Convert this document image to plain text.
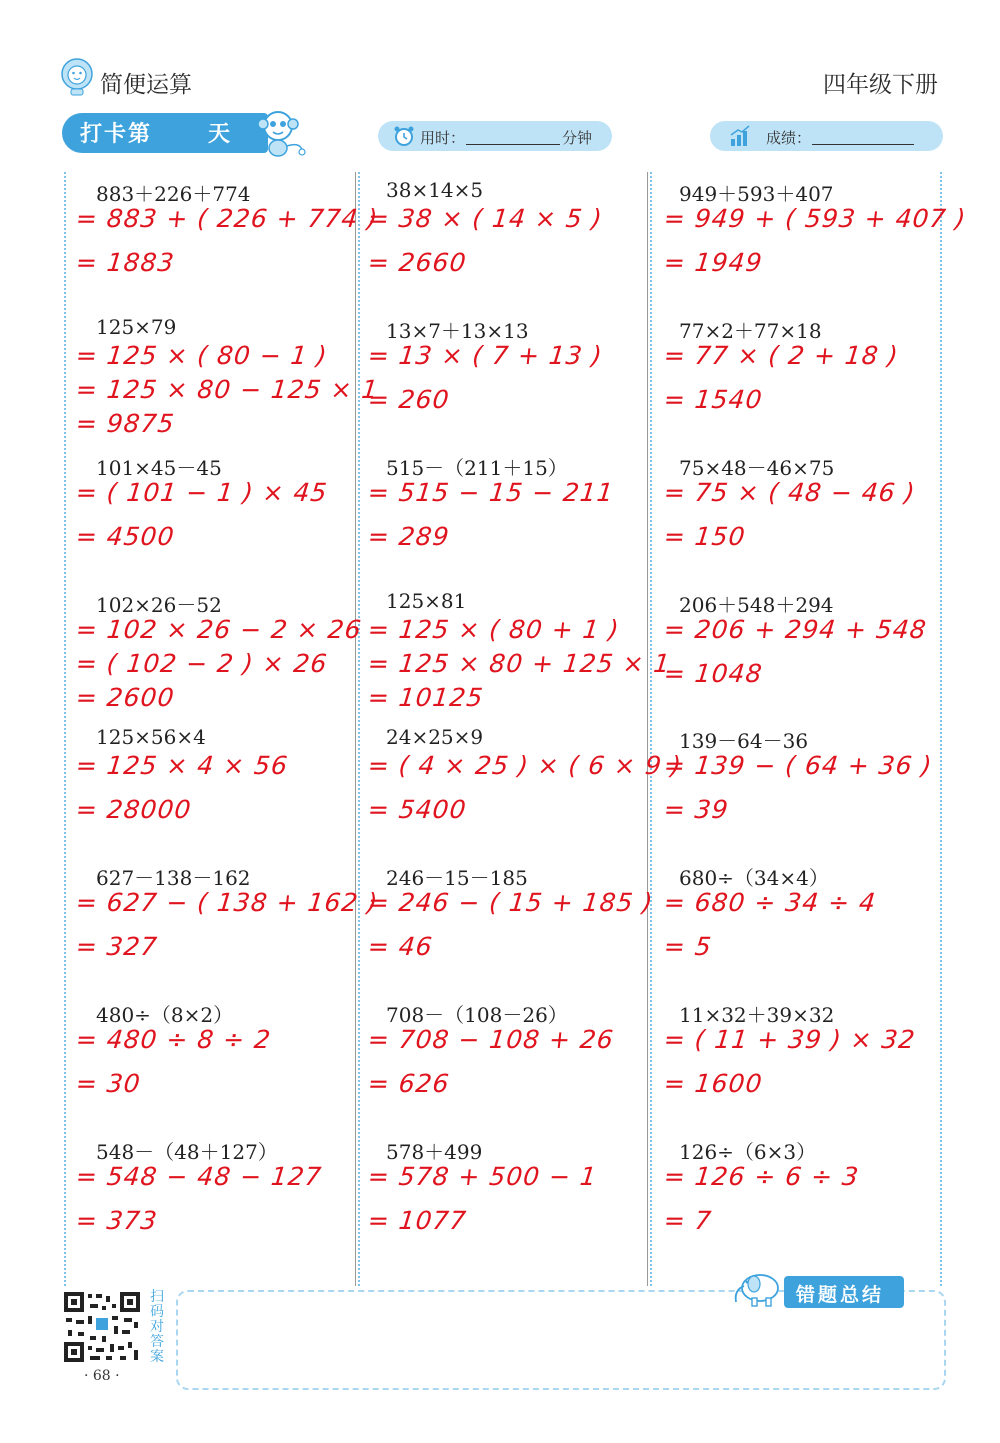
简便运算	四年级下册
打卡第	天	用时：	分钟	成绩：
883＋226＋774
= 883 + ( 226 + 774 )
= 1883
125×79
= 125 × ( 80 − 1 )
= 125 × 80 − 125 × 1
= 9875
101×45－45
= ( 101 − 1 ) × 45
= 4500
102×26－52
= 102 × 26 − 2 × 26
= ( 102 − 2 ) × 26
= 2600
125×56×4
= 125 × 4 × 56
= 28000
627－138－162
= 627 − ( 138 + 162 )
= 327
480÷（8×2）
= 480 ÷ 8 ÷ 2
= 30
548－（48＋127）
= 548 − 48 − 127
= 373
38×14×5
= 38 × ( 14 × 5 )
= 2660
13×7＋13×13
= 13 × ( 7 + 13 )
= 260
515－（211＋15）
= 515 − 15 − 211
= 289
125×81
= 125 × ( 80 + 1 )
= 125 × 80 + 125 × 1
= 10125
24×25×9
= ( 4 × 25 ) × ( 6 × 9 )
= 5400
246－15－185
= 246 − ( 15 + 185 )
= 46
708－（108－26）
= 708 − 108 + 26
= 626
578＋499
= 578 + 500 − 1
= 1077
949＋593＋407
= 949 + ( 593 + 407 )
= 1949
77×2＋77×18
= 77 × ( 2 + 18 )
= 1540
75×48－46×75
= 75 × ( 48 − 46 )
= 150
206＋548＋294
= 206 + 294 + 548
= 1048
139－64－36
= 139 − ( 64 + 36 )
= 39
680÷（34×4）
= 680 ÷ 34 ÷ 4
= 5
11×32＋39×32
= ( 11 + 39 ) × 32
= 1600
126÷（6×3）
= 126 ÷ 6 ÷ 3
= 7
扫
码
对
答
案
· 68 ·
错题总结
